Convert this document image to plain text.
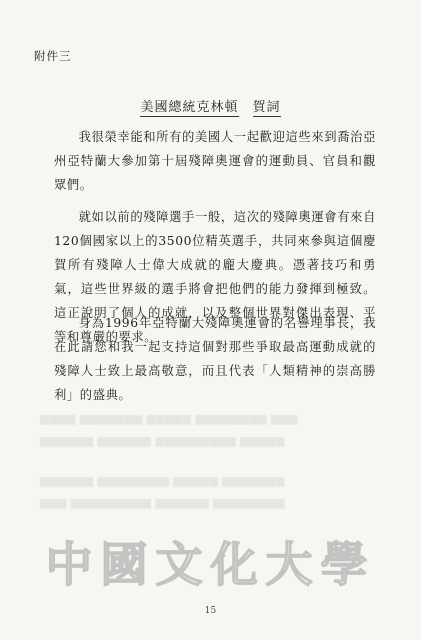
附件三
美國總統克林頓 賀詞
我很榮幸能和所有的美國人一起歡迎這些來到喬治亞州亞特蘭大參加第十屆殘障奧運會的運動員、官員和觀眾們。
就如以前的殘障選手一般，這次的殘障奧運會有來自120個國家以上的3500位精英選手，共同來參與這個慶賀所有殘障人士偉大成就的龐大慶典。憑著技巧和勇氣，這些世界級的選手將會把他們的能力發揮到極致。這正說明了個人的成就，以及整個世界對傑出表現、平等和尊嚴的要求。
身為1996年亞特蘭大殘障奧運會的名譽理事長，我在此請您和我一起支持這個對那些爭取最高運動成就的殘障人士致上最高敬意，而且代表「人類精神的崇高勝利」的盛典。
▆▆▆▆ ▆▆▆▆▆▆▆ ▆▆▆▆▆ ▆▆▆▆▆▆▆▆ ▆▆▆
▆▆▆▆▆▆ ▆▆▆▆▆▆ ▆▆▆▆▆▆▆▆▆ ▆▆▆▆▆
▆▆▆▆▆▆ ▆▆▆▆▆▆▆▆ ▆▆▆▆▆ ▆▆▆▆▆▆▆
▆▆▆ ▆▆▆▆▆▆▆▆▆ ▆▆▆▆▆▆ ▆▆▆▆▆▆▆▆
中國文化大學
15
